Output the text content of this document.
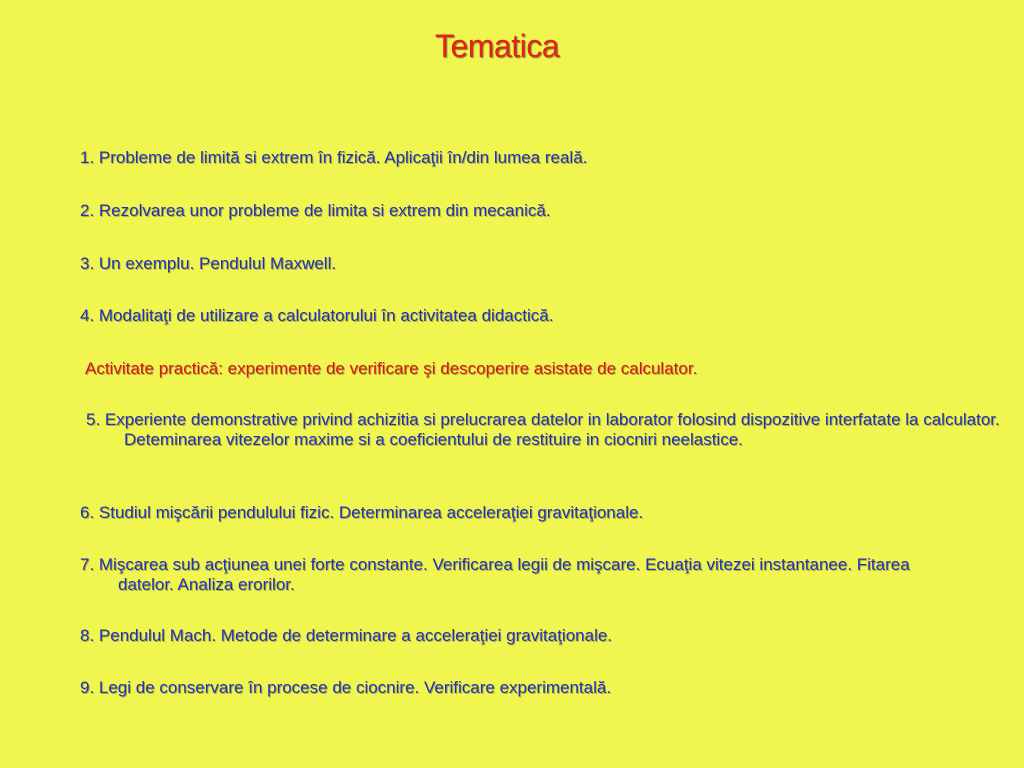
Tematica
1. Probleme de limită si extrem în fizică. Aplicaţii în/din lumea reală.
2. Rezolvarea unor probleme de limita si extrem din mecanică.
3. Un exemplu. Pendulul Maxwell.
4. Modalitaţi de utilizare a calculatorului în activitatea didactică.
Activitate practică: experimente de verificare şi descoperire asistate de calculator.
5. Experiente demonstrative privind achizitia si prelucrarea datelor in laborator folosind dispozitive interfatate la calculator. Deteminarea vitezelor maxime si a coeficientului de restituire in ciocniri neelastice.
6. Studiul mişcării pendulului fizic. Determinarea acceleraţiei gravitaţionale.
7. Mişcarea sub acţiunea unei forte constante. Verificarea legii de mişcare. Ecuaţia vitezei instantanee. Fitarea datelor. Analiza erorilor.
8. Pendulul Mach. Metode de determinare a acceleraţiei gravitaţionale.
9. Legi de conservare în procese de ciocnire. Verificare experimentală.
